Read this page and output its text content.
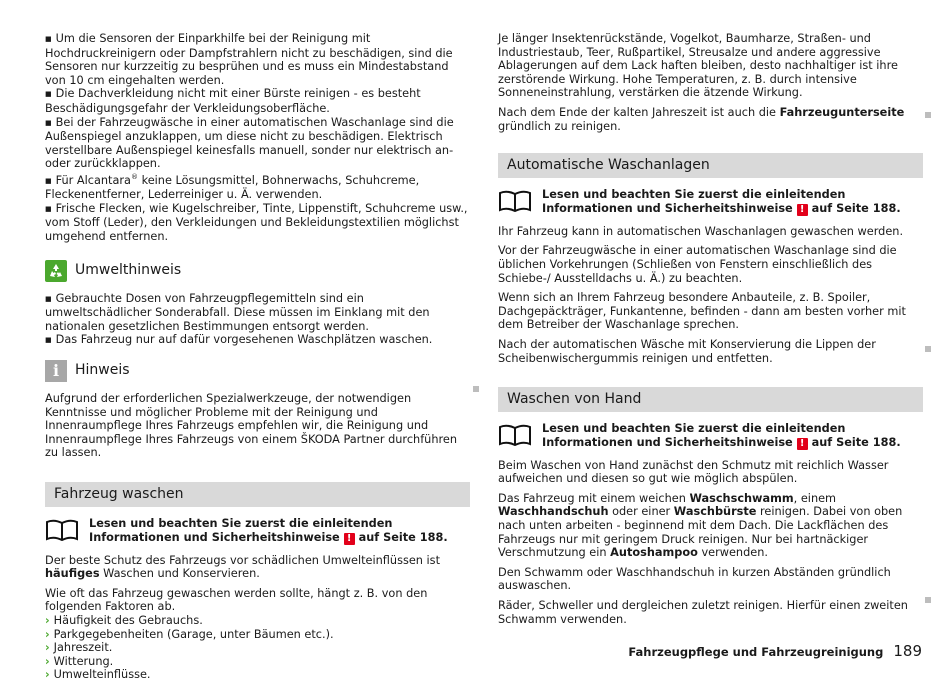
■ Um die Sensoren der Einparkhilfe bei der Reinigung mit Hochdruckreinigern oder Dampfstrahlern nicht zu beschädigen, sind die Sensoren nur kurzzeitig zu besprühen und es muss ein Mindestabstand von 10 cm eingehalten werden.

■ Die Dachverkleidung nicht mit einer Bürste reinigen - es besteht Beschädigungsgefahr der Verkleidungsoberfläche.

■ Bei der Fahrzeugwäsche in einer automatischen Waschanlage sind die Außenspiegel anzuklappen, um diese nicht zu beschädigen. Elektrisch verstellbare Außenspiegel keinesfalls manuell, sonder nur elektrisch an- oder zurückklappen.

■ Für Alcantara® keine Lösungsmittel, Bohnerwachs, Schuhcreme, Fleckenentferner, Lederreiniger u. Ä. verwenden.

■ Frische Flecken, wie Kugelschreiber, Tinte, Lippenstift, Schuhcreme usw., vom Stoff (Leder), den Verkleidungen und Bekleidungstextilien möglichst umgehend entfernen.

Umwelthinweis

■ Gebrauchte Dosen von Fahrzeugpflegemitteln sind ein umweltschädlicher Sonderabfall. Diese müssen im Einklang mit den nationalen gesetzlichen Bestimmungen entsorgt werden.

■ Das Fahrzeug nur auf dafür vorgesehenen Waschplätzen waschen.

i	Hinweis

Aufgrund der erforderlichen Spezialwerkzeuge, der notwendigen Kenntnisse und möglicher Probleme mit der Reinigung und Innenraumpflege Ihres Fahrzeugs empfehlen wir, die Reinigung und Innenraumpflege Ihres Fahrzeugs von einem ŠKODA Partner durchführen zu lassen.

Fahrzeug waschen
Lesen und beachten Sie zuerst die einleitenden Informationen und Sicherheitshinweise ! auf Seite 188.

Der beste Schutz des Fahrzeugs vor schädlichen Umwelteinflüssen ist häufiges Waschen und Konservieren.

Wie oft das Fahrzeug gewaschen werden sollte, hängt z. B. von den folgenden Faktoren ab.

› Häufigkeit des Gebrauchs.
› Parkgegebenheiten (Garage, unter Bäumen etc.).
› Jahreszeit.
› Witterung.
› Umwelteinflüsse.

Je länger Insektenrückstände, Vogelkot, Baumharze, Straßen- und Industriestaub, Teer, Rußpartikel, Streusalze und andere aggressive Ablagerungen auf dem Lack haften bleiben, desto nachhaltiger ist ihre zerstörende Wirkung. Hohe Temperaturen, z. B. durch intensive Sonneneinstrahlung, verstärken die ätzende Wirkung.

Nach dem Ende der kalten Jahreszeit ist auch die Fahrzeugunterseite gründlich zu reinigen.

Automatische Waschanlagen
Lesen und beachten Sie zuerst die einleitenden Informationen und Sicherheitshinweise ! auf Seite 188.

Ihr Fahrzeug kann in automatischen Waschanlagen gewaschen werden.

Vor der Fahrzeugwäsche in einer automatischen Waschanlage sind die üblichen Vorkehrungen (Schließen von Fenstern einschließlich des Schiebe-/ Ausstelldachs u. Ä.) zu beachten.

Wenn sich an Ihrem Fahrzeug besondere Anbauteile, z. B. Spoiler, Dachgepäckträger, Funkantenne, befinden - dann am besten vorher mit dem Betreiber der Waschanlage sprechen.

Nach der automatischen Wäsche mit Konservierung die Lippen der Scheibenwischergummis reinigen und entfetten.

Waschen von Hand
Lesen und beachten Sie zuerst die einleitenden Informationen und Sicherheitshinweise ! auf Seite 188.

Beim Waschen von Hand zunächst den Schmutz mit reichlich Wasser aufweichen und diesen so gut wie möglich abspülen.

Das Fahrzeug mit einem weichen Waschschwamm, einem Waschhandschuh oder einer Waschbürste reinigen. Dabei von oben nach unten arbeiten - beginnend mit dem Dach. Die Lackflächen des Fahrzeugs nur mit geringem Druck reinigen. Nur bei hartnäckiger Verschmutzung ein Autoshampoo verwenden.

Den Schwamm oder Waschhandschuh in kurzen Abständen gründlich auswaschen.

Räder, Schweller und dergleichen zuletzt reinigen. Hierfür einen zweiten Schwamm verwenden.

Fahrzeugpflege und Fahrzeugreinigung 189
